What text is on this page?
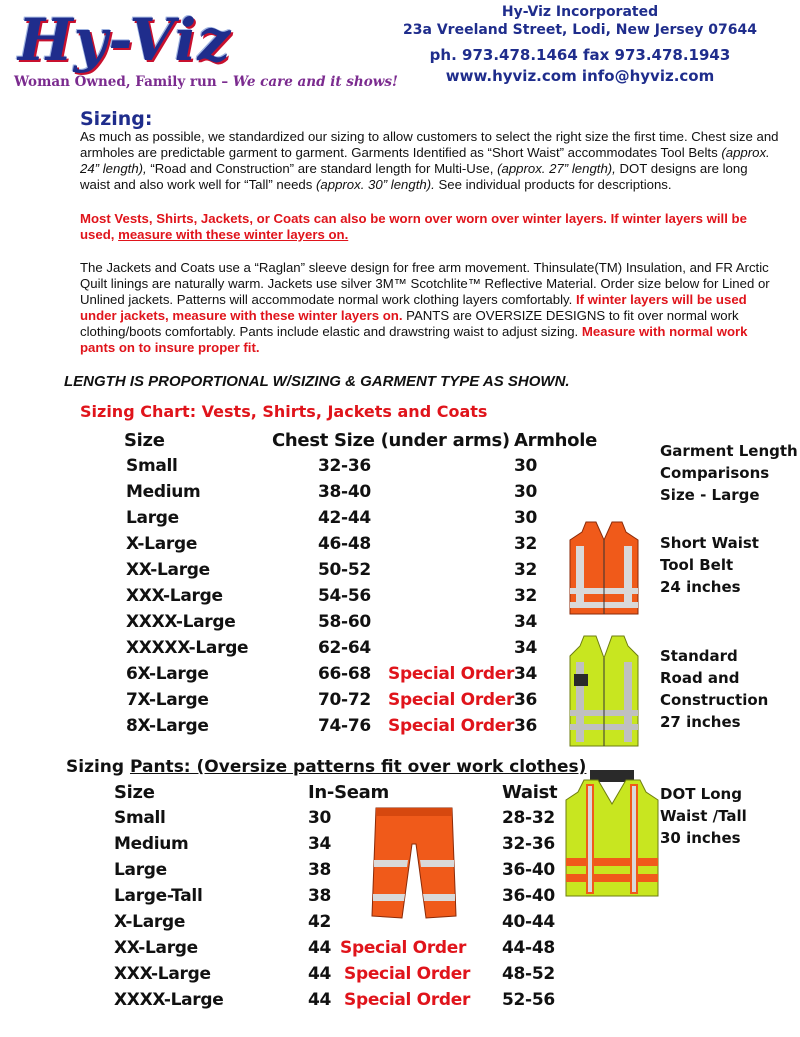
Hy-Viz
Woman Owned, Family run – We care and it shows!
Hy-Viz Incorporated
23a Vreeland Street, Lodi, New Jersey 07644
ph. 973.478.1464 fax 973.478.1943
www.hyviz.com info@hyviz.com
Sizing:
As much as possible, we standardized our sizing to allow customers to select the right size the first time. Chest size and armholes are predictable garment to garment. Garments Identified as “Short Waist” accommodates Tool Belts (approx. 24” length), “Road and Construction” are standard length for Multi-Use, (approx. 27” length), DOT designs are long waist and also work well for “Tall” needs (approx. 30” length). See individual products for descriptions.
Most Vests, Shirts, Jackets, or Coats can also be worn over worn over winter layers. If winter layers will be used, measure with these winter layers on.
The Jackets and Coats use a “Raglan” sleeve design for free arm movement. Thinsulate(TM) Insulation, and FR Arctic Quilt linings are naturally warm. Jackets use silver 3M™ Scotchlite™ Reflective Material. Order size below for Lined or Unlined jackets. Patterns will accommodate normal work clothing layers comfortably. If winter layers will be used under jackets, measure with these winter layers on. PANTS are OVERSIZE DESIGNS to fit over normal work clothing/boots comfortably. Pants include elastic and drawstring waist to adjust sizing. Measure with normal work pants on to insure proper fit.
LENGTH IS PROPORTIONAL W/SIZING & GARMENT TYPE AS SHOWN.
Sizing Chart: Vests, Shirts, Jackets and Coats
Size	Chest Size (under arms) Armhole
Small	32-36	30
Medium	38-40	30
Large	42-44	30
X-Large	46-48	32
XX-Large	50-52	32
XXX-Large	54-56	32
XXXX-Large	58-60	34
XXXXX-Large	62-64	34
6X-Large	66-68 Special Order 34
7X-Large	70-72 Special Order 36
8X-Large	74-76 Special Order 36
Garment Length
Comparisons
Size - Large
Short Waist
Tool Belt
24 inches
Standard
Road and
Construction
27 inches
DOT Long
Waist /Tall
30 inches
Sizing Pants: (Oversize patterns fit over work clothes)
Size	In-Seam	Waist
Small	30	28-32
Medium	34	32-36
Large	38	36-40
Large-Tall	38	36-40
X-Large	42	40-44
XX-Large	44 Special Order 44-48
XXX-Large	44 Special Order 48-52
XXXX-Large	44 Special Order 52-56
